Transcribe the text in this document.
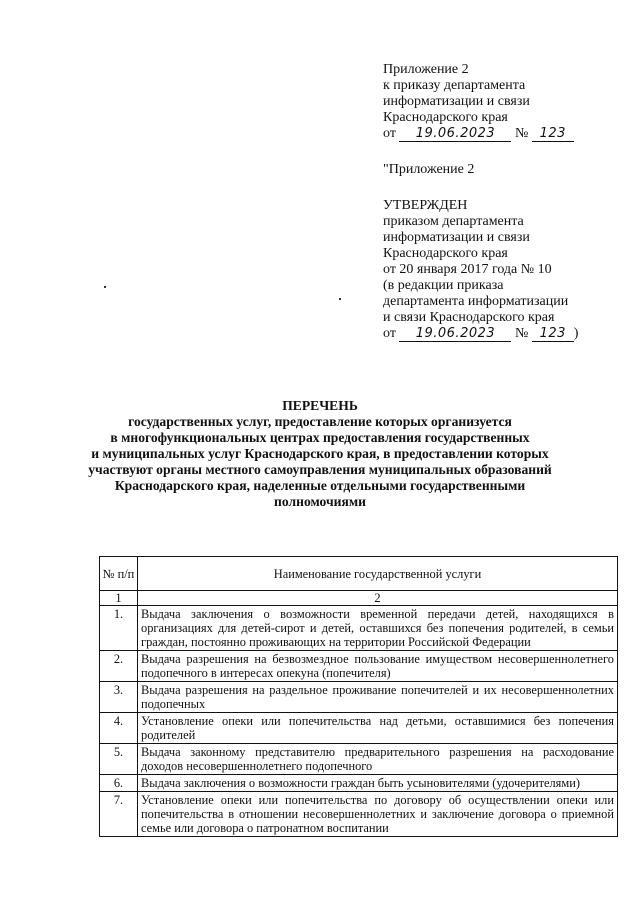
Приложение 2
к приказу департамента
информатизации и связи
Краснодарского края
от 19.06.2023 № 123
"Приложение 2
УТВЕРЖДЕН
приказом департамента
информатизации и связи
Краснодарского края
от 20 января 2017 года № 10
(в редакции приказа
департамента информатизации
и связи Краснодарского края
от 19.06.2023 № 123 )
ПЕРЕЧЕНЬ
государственных услуг, предоставление которых организуется
в многофункциональных центрах предоставления государственных
и муниципальных услуг Краснодарского края, в предоставлении которых
участвуют органы местного самоуправления муниципальных образований
Краснодарского края, наделенные отдельными государственными
полномочиями
№ п/п	Наименование государственной услуги
1	2
1.	Выдача заключения о возможности временной передачи детей, находящихся в организациях для детей-сирот и детей, оставшихся без попечения родителей, в семьи граждан, постоянно проживающих на территории Российской Федерации
2.	Выдача разрешения на безвозмездное пользование имуществом несовершеннолетнего подопечного в интересах опекуна (попечителя)
3.	Выдача разрешения на раздельное проживание попечителей и их несовершеннолетних подопечных
4.	Установление опеки или попечительства над детьми, оставшимися без попечения родителей
5.	Выдача законному представителю предварительного разрешения на расходование доходов несовершеннолетнего подопечного
6.	Выдача заключения о возможности граждан быть усыновителями (удочерителями)
7.	Установление опеки или попечительства по договору об осуществлении опеки или попечительства в отношении несовершеннолетних и заключение договора о приемной семье или договора о патронатном воспитании
